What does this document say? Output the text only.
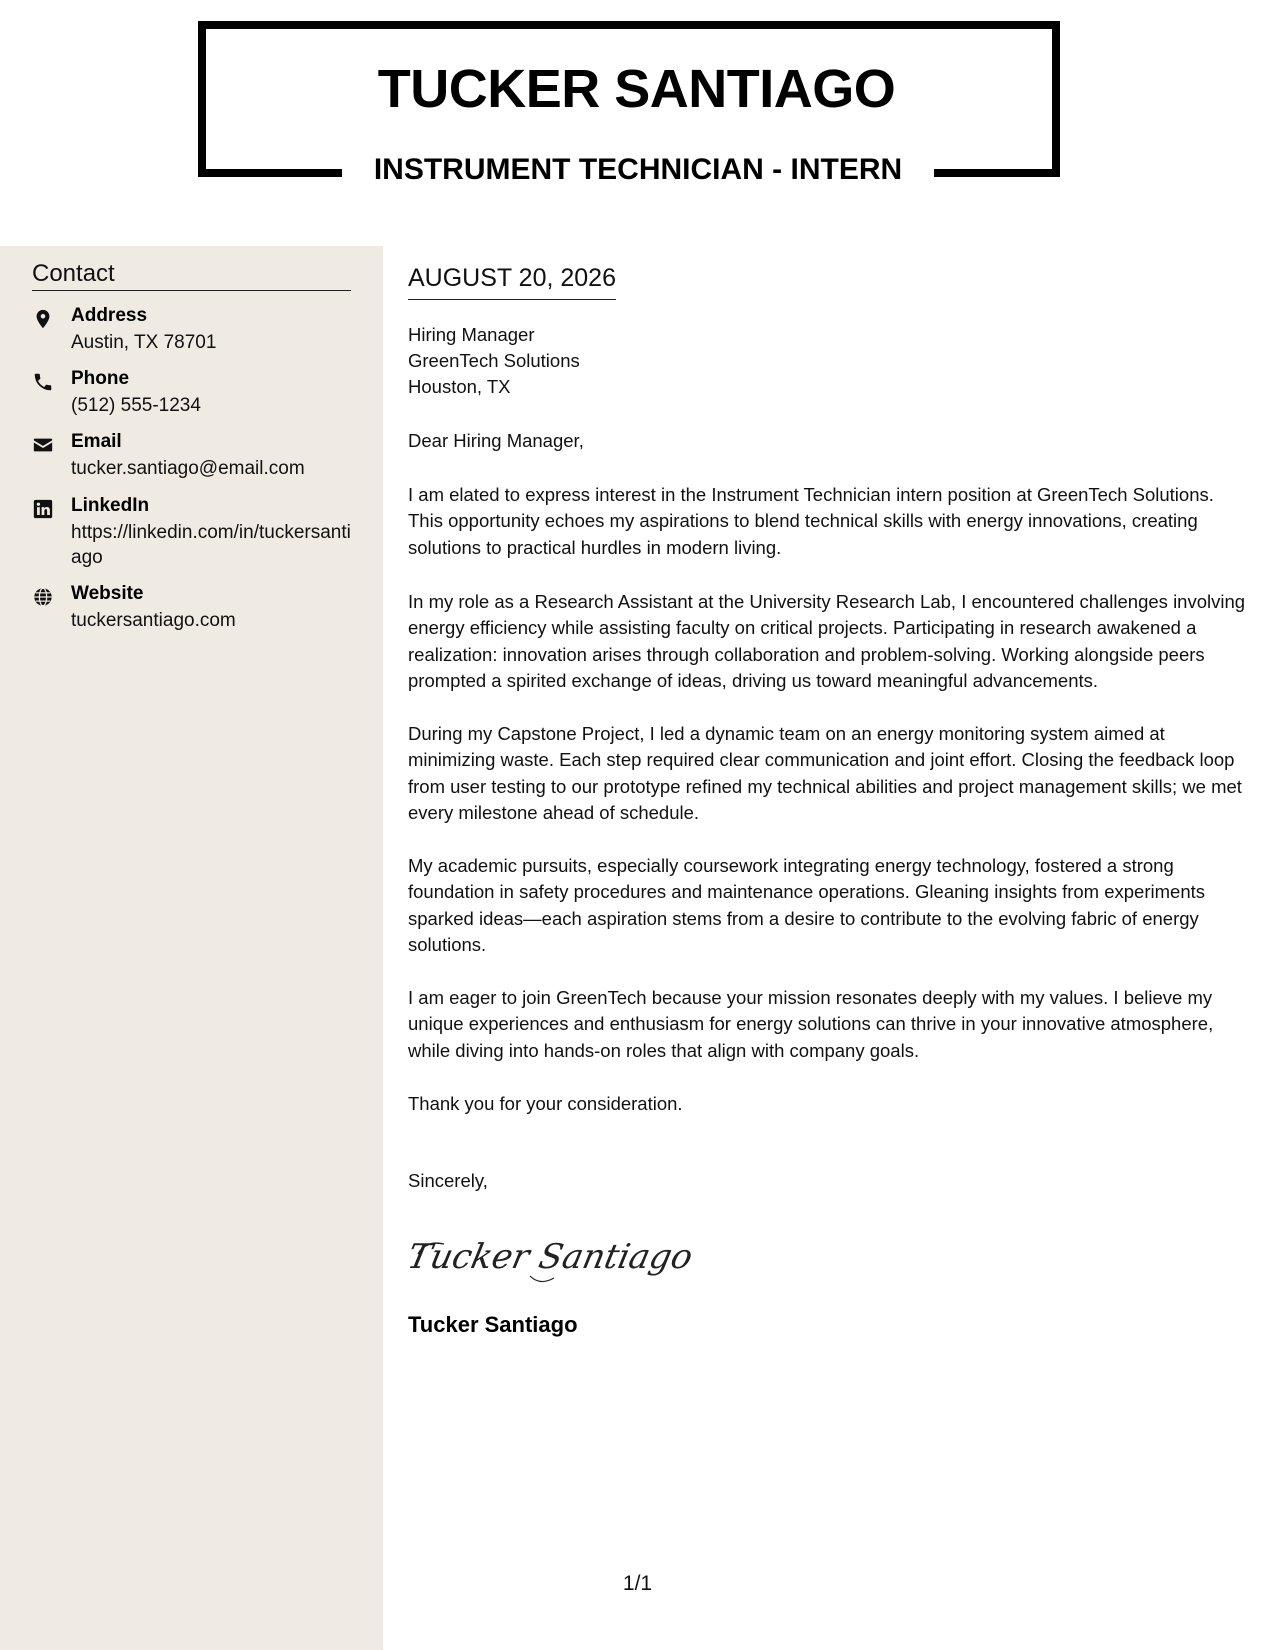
TUCKER SANTIAGO
INSTRUMENT TECHNICIAN - INTERN
Contact
Address
Austin, TX 78701
Phone
(512) 555-1234
Email
tucker.santiago@email.com
LinkedIn
https://linkedin.com/in/tuckersantiago
Website
tuckersantiago.com
AUGUST 20, 2026
Hiring Manager
GreenTech Solutions
Houston, TX
Dear Hiring Manager,
I am elated to express interest in the Instrument Technician intern position at GreenTech Solutions. This opportunity echoes my aspirations to blend technical skills with energy innovations, creating solutions to practical hurdles in modern living.
In my role as a Research Assistant at the University Research Lab, I encountered challenges involving energy efficiency while assisting faculty on critical projects. Participating in research awakened a realization: innovation arises through collaboration and problem-solving. Working alongside peers prompted a spirited exchange of ideas, driving us toward meaningful advancements.
During my Capstone Project, I led a dynamic team on an energy monitoring system aimed at minimizing waste. Each step required clear communication and joint effort. Closing the feedback loop from user testing to our prototype refined my technical abilities and project management skills; we met every milestone ahead of schedule.
My academic pursuits, especially coursework integrating energy technology, fostered a strong foundation in safety procedures and maintenance operations. Gleaning insights from experiments sparked ideas—each aspiration stems from a desire to contribute to the evolving fabric of energy solutions.
I am eager to join GreenTech because your mission resonates deeply with my values. I believe my unique experiences and enthusiasm for energy solutions can thrive in your innovative atmosphere, while diving into hands-on roles that align with company goals.
Thank you for your consideration.
Sincerely,
Tucker Santiago
Tucker Santiago
1/1
